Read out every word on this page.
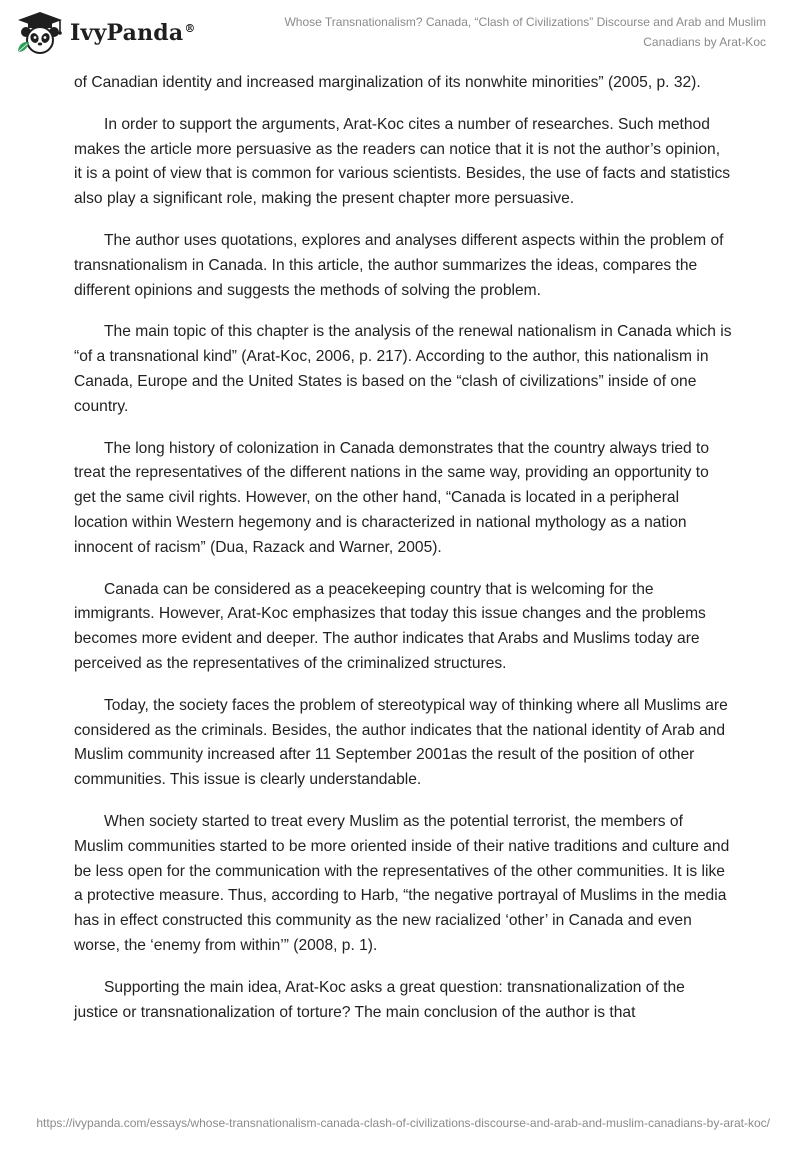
IvyPanda®	Whose Transnationalism? Canada, “Clash of Civilizations” Discourse and Arab and Muslim Canadians by Arat-Koc

of Canadian identity and increased marginalization of its nonwhite minorities” (2005, p. 32).

In order to support the arguments, Arat-Koc cites a number of researches. Such method makes the article more persuasive as the readers can notice that it is not the author’s opinion, it is a point of view that is common for various scientists. Besides, the use of facts and statistics also play a significant role, making the present chapter more persuasive.

The author uses quotations, explores and analyses different aspects within the problem of transnationalism in Canada. In this article, the author summarizes the ideas, compares the different opinions and suggests the methods of solving the problem.

The main topic of this chapter is the analysis of the renewal nationalism in Canada which is “of a transnational kind” (Arat-Koc, 2006, p. 217). According to the author, this nationalism in Canada, Europe and the United States is based on the “clash of civilizations” inside of one country.

The long history of colonization in Canada demonstrates that the country always tried to treat the representatives of the different nations in the same way, providing an opportunity to get the same civil rights. However, on the other hand, “Canada is located in a peripheral location within Western hegemony and is characterized in national mythology as a nation innocent of racism” (Dua, Razack and Warner, 2005).

Canada can be considered as a peacekeeping country that is welcoming for the immigrants. However, Arat-Koc emphasizes that today this issue changes and the problems becomes more evident and deeper. The author indicates that Arabs and Muslims today are perceived as the representatives of the criminalized structures.

Today, the society faces the problem of stereotypical way of thinking where all Muslims are considered as the criminals. Besides, the author indicates that the national identity of Arab and Muslim community increased after 11 September 2001as the result of the position of other communities. This issue is clearly understandable.

When society started to treat every Muslim as the potential terrorist, the members of Muslim communities started to be more oriented inside of their native traditions and culture and be less open for the communication with the representatives of the other communities. It is like a protective measure. Thus, according to Harb, “the negative portrayal of Muslims in the media has in effect constructed this community as the new racialized ‘other’ in Canada and even worse, the ‘enemy from within’” (2008, p. 1).

Supporting the main idea, Arat-Koc asks a great question: transnationalization of the justice or transnationalization of torture? The main conclusion of the author is that

https://ivypanda.com/essays/whose-transnationalism-canada-clash-of-civilizations-discourse-and-arab-and-muslim-canadians-by-arat-koc/
